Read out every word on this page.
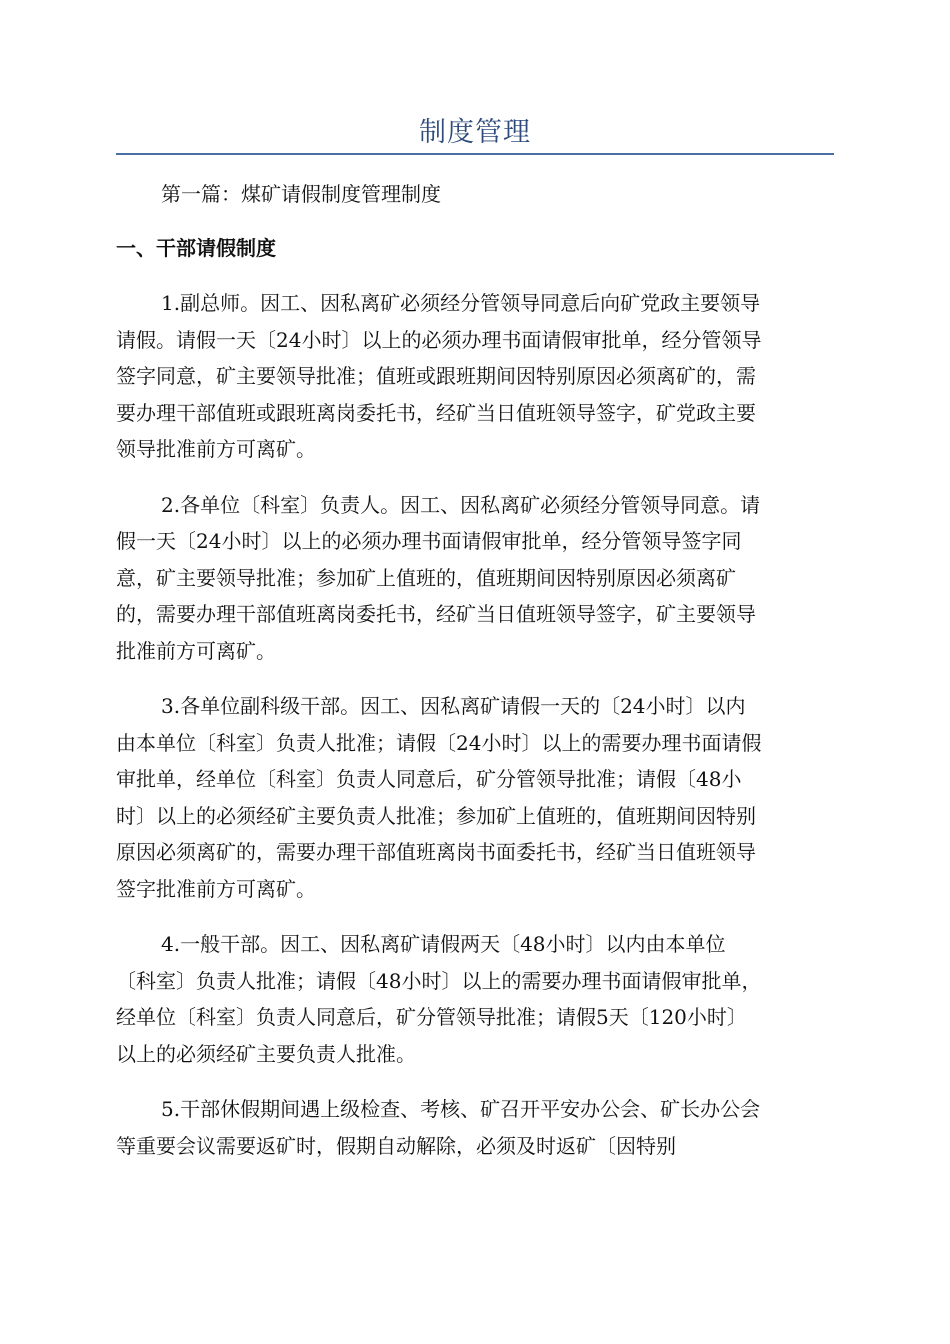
制度管理

第一篇：煤矿请假制度管理制度

一、干部请假制度

1.副总师。因工、因私离矿必须经分管领导同意后向矿党政主要领导
请假。请假一天〔24小时〕以上的必须办理书面请假审批单，经分管领导
签字同意，矿主要领导批准；值班或跟班期间因特别原因必须离矿的，需
要办理干部值班或跟班离岗委托书，经矿当日值班领导签字，矿党政主要
领导批准前方可离矿。

2.各单位〔科室〕负责人。因工、因私离矿必须经分管领导同意。请
假一天〔24小时〕以上的必须办理书面请假审批单，经分管领导签字同
意，矿主要领导批准；参加矿上值班的，值班期间因特别原因必须离矿
的，需要办理干部值班离岗委托书，经矿当日值班领导签字，矿主要领导
批准前方可离矿。

3.各单位副科级干部。因工、因私离矿请假一天的〔24小时〕以内
由本单位〔科室〕负责人批准；请假〔24小时〕以上的需要办理书面请假
审批单，经单位〔科室〕负责人同意后，矿分管领导批准；请假〔48小
时〕以上的必须经矿主要负责人批准；参加矿上值班的，值班期间因特别
原因必须离矿的，需要办理干部值班离岗书面委托书，经矿当日值班领导
签字批准前方可离矿。

4.一般干部。因工、因私离矿请假两天〔48小时〕以内由本单位
〔科室〕负责人批准；请假〔48小时〕以上的需要办理书面请假审批单，
经单位〔科室〕负责人同意后，矿分管领导批准；请假5天〔120小时〕
以上的必须经矿主要负责人批准。

5.干部休假期间遇上级检查、考核、矿召开平安办公会、矿长办公会
等重要会议需要返矿时，假期自动解除，必须及时返矿〔因特别
